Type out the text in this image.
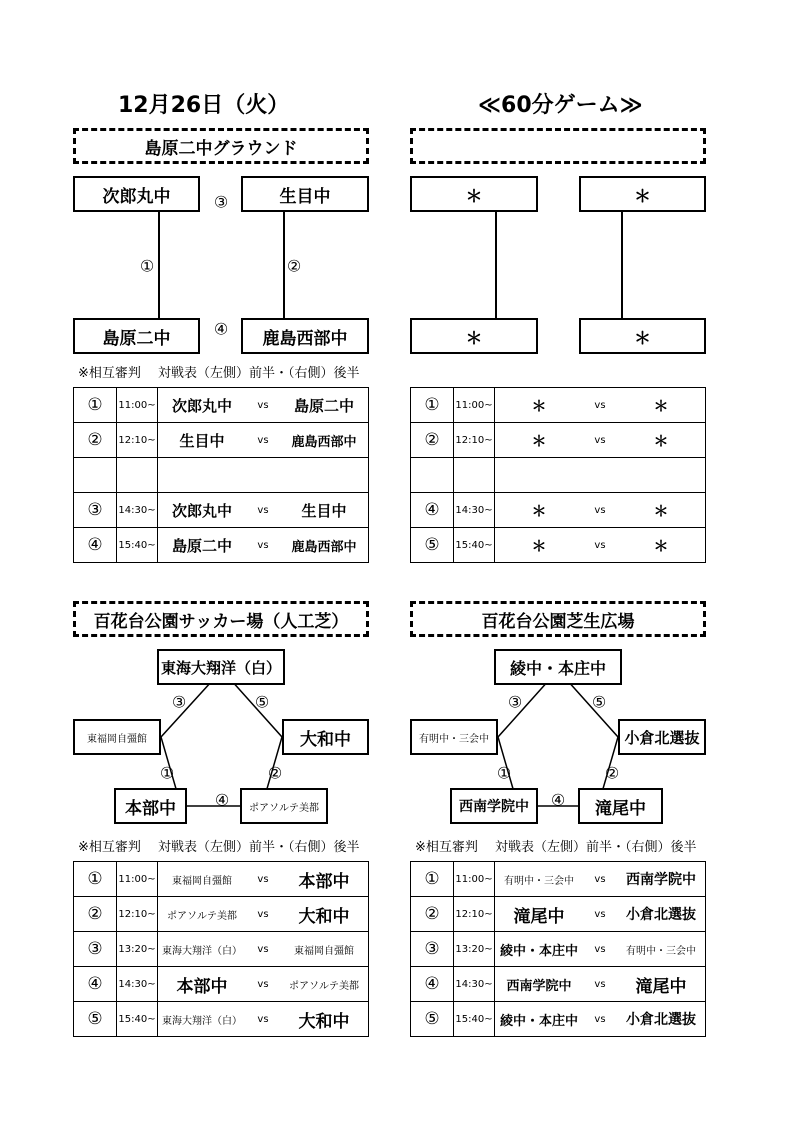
12月26日（火）	≪60分ゲーム≫
島原二中グラウンド
次郎丸中	生目中
島原二中	鹿島西部中
③
①	②
④
※相互審判　 対戦表（左側）前半・（右側）後半
①	11:00~	次郎丸中 vs 島原二中

②	12:10~	生目中 vs 鹿島西部中

③	14:30~	次郎丸中 vs 生目中

④	15:40~	島原二中 vs 鹿島西部中
＊	＊
＊	＊
①	11:00~	＊ vs ＊

②	12:10~	＊ vs ＊

④	14:30~	＊ vs ＊

⑤	15:40~	＊ vs ＊
百花台公園サッカー場（人工芝）
東海大翔洋（白）
東福岡自彊館	大和中
本部中	ポアソルテ美都
③	⑤
①	②
④
※相互審判　 対戦表（左側）前半・（右側）後半
①	11:00~	東福岡自彊館 vs 本部中

②	12:10~	ポアソルテ美都 vs 大和中

③	13:20~	東海大翔洋（白） vs 東福岡自彊館

④	14:30~	本部中 vs ポアソルテ美都

⑤	15:40~	東海大翔洋（白） vs 大和中
百花台公園芝生広場
綾中・本庄中
有明中・三会中	小倉北選抜
西南学院中	滝尾中
③	⑤
①	②
④
※相互審判　 対戦表（左側）前半・（右側）後半
①	11:00~	有明中・三会中 vs 西南学院中

②	12:10~	滝尾中 vs 小倉北選抜

③	13:20~	綾中・本庄中 vs 有明中・三会中

④	14:30~	西南学院中 vs 滝尾中

⑤	15:40~	綾中・本庄中 vs 小倉北選抜
